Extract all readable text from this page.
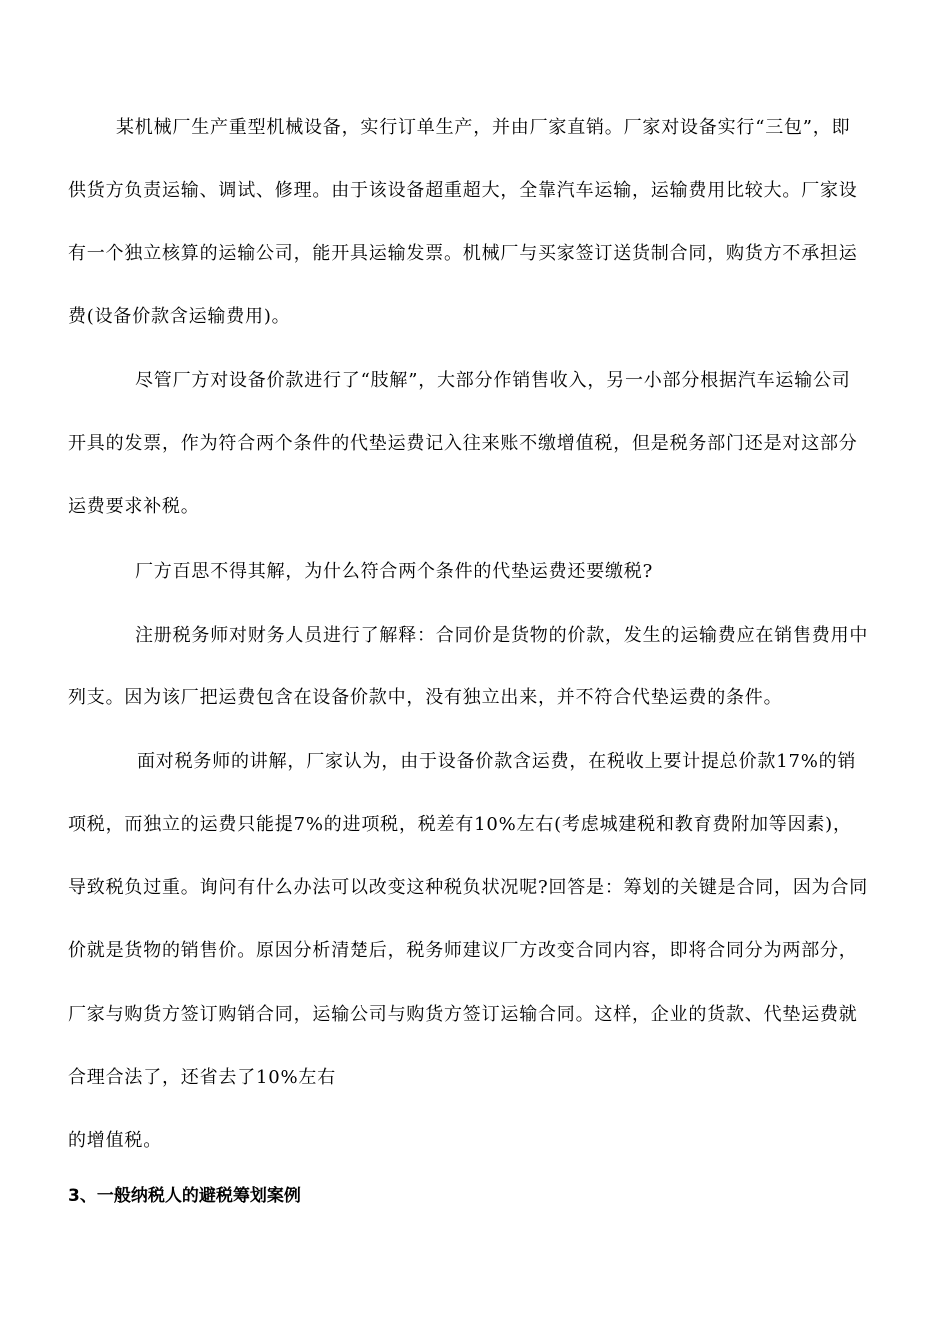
某机械厂生产重型机械设备，实行订单生产，并由厂家直销。厂家对设备实行“三包”，即
供货方负责运输、调试、修理。由于该设备超重超大，全靠汽车运输，运输费用比较大。厂家设
有一个独立核算的运输公司，能开具运输发票。机械厂与买家签订送货制合同，购货方不承担运
费(设备价款含运输费用)。
尽管厂方对设备价款进行了“肢解”，大部分作销售收入，另一小部分根据汽车运输公司
开具的发票，作为符合两个条件的代垫运费记入往来账不缴增值税，但是税务部门还是对这部分
运费要求补税。
厂方百思不得其解，为什么符合两个条件的代垫运费还要缴税?
注册税务师对财务人员进行了解释：合同价是货物的价款，发生的运输费应在销售费用中
列支。因为该厂把运费包含在设备价款中，没有独立出来，并不符合代垫运费的条件。
面对税务师的讲解，厂家认为，由于设备价款含运费，在税收上要计提总价款17%的销
项税，而独立的运费只能提7%的进项税，税差有10%左右(考虑城建税和教育费附加等因素)，
导致税负过重。询问有什么办法可以改变这种税负状况呢?回答是：筹划的关键是合同，因为合同
价就是货物的销售价。原因分析清楚后，税务师建议厂方改变合同内容，即将合同分为两部分，
厂家与购货方签订购销合同，运输公司与购货方签订运输合同。这样，企业的货款、代垫运费就
合理合法了，还省去了10%左右
的增值税。
3、一般纳税人的避税筹划案例
